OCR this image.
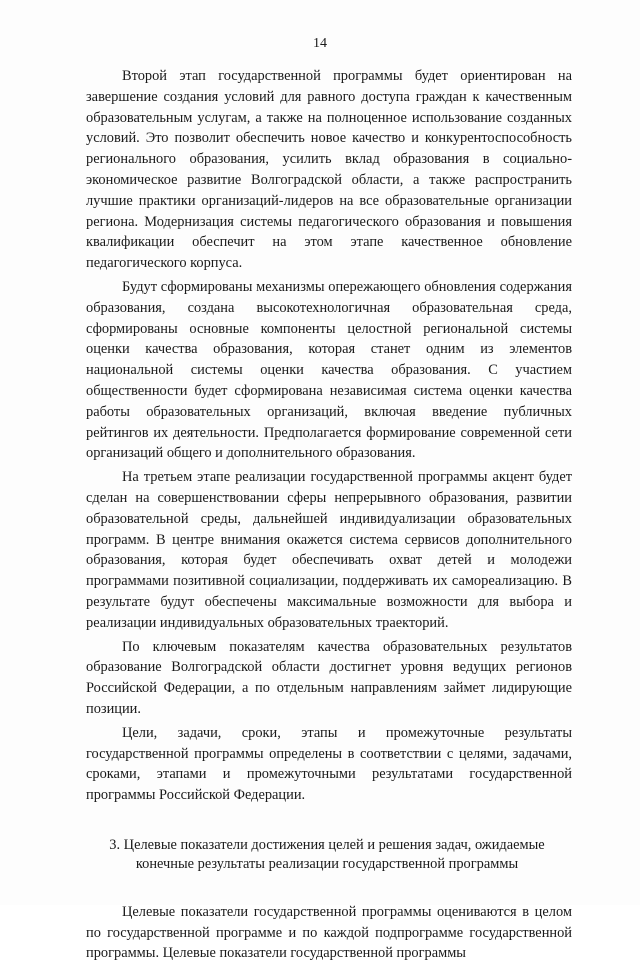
14

Второй этап государственной программы будет ориентирован на завершение создания условий для равного доступа граждан к качественным образовательным услугам, а также на полноценное использование созданных условий. Это позволит обеспечить новое качество и конкурентоспособность регионального образования, усилить вклад образования в социально-экономическое развитие Волгоградской области, а также распространить лучшие практики организаций-лидеров на все образовательные организации региона. Модернизация системы педагогического образования и повышения квалификации обеспечит на этом этапе качественное обновление педагогического корпуса.

Будут сформированы механизмы опережающего обновления содержания образования, создана высокотехнологичная образовательная среда, сформированы основные компоненты целостной региональной системы оценки качества образования, которая станет одним из элементов национальной системы оценки качества образования. С участием общественности будет сформирована независимая система оценки качества работы образовательных организаций, включая введение публичных рейтингов их деятельности. Предполагается формирование современной сети организаций общего и дополнительного образования.

На третьем этапе реализации государственной программы акцент будет сделан на совершенствовании сферы непрерывного образования, развитии образовательной среды, дальнейшей индивидуализации образовательных программ. В центре внимания окажется система сервисов дополнительного образования, которая будет обеспечивать охват детей и молодежи программами позитивной социализации, поддерживать их самореализацию. В результате будут обеспечены максимальные возможности для выбора и реализации индивидуальных образовательных траекторий.

По ключевым показателям качества образовательных результатов образование Волгоградской области достигнет уровня ведущих регионов Российской Федерации, а по отдельным направлениям займет лидирующие позиции.

Цели, задачи, сроки, этапы и промежуточные результаты государственной программы определены в соответствии с целями, задачами, сроками, этапами и промежуточными результатами государственной программы Российской Федерации.

3. Целевые показатели достижения целей и решения задач, ожидаемые конечные результаты реализации государственной программы

Целевые показатели государственной программы оцениваются в целом по государственной программе и по каждой подпрограмме государственной программы. Целевые показатели государственной программы
